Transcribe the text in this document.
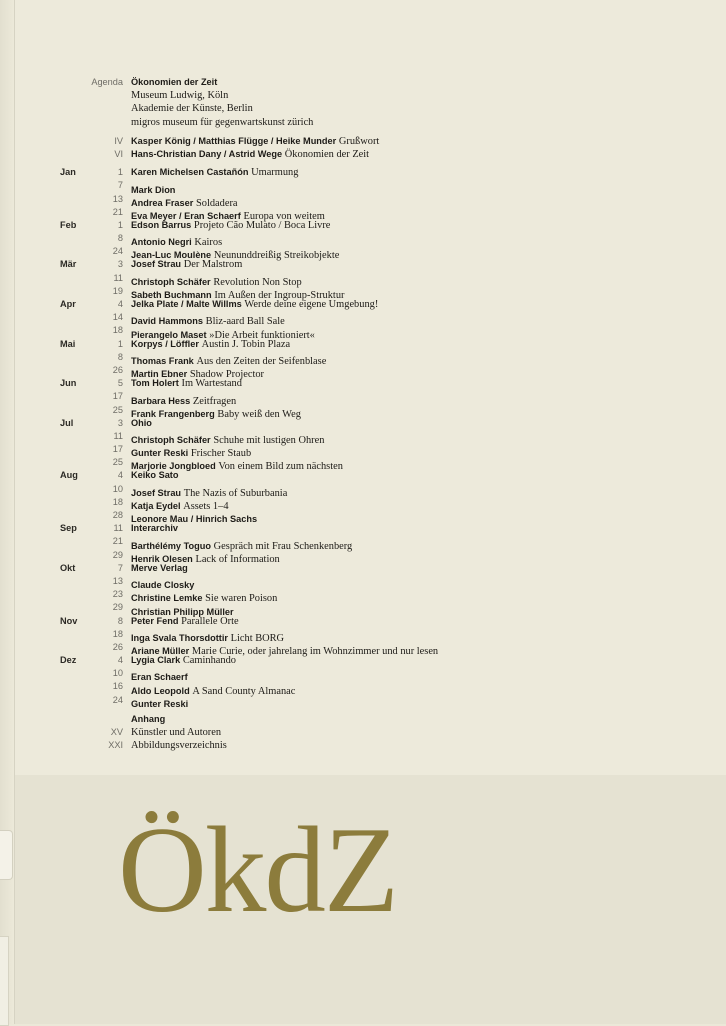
Agenda Ökonomien der Zeit
Museum Ludwig, Köln
Akademie der Künste, Berlin
migros museum für gegenwartskunst zürich
IV Kasper König / Matthias Flügge / Heike Munder Grußwort
VI Hans-Christian Dany / Astrid Wege Ökonomien der Zeit
Jan	1 Karen Michelsen Castañón Umarmung
7 Mark Dion
13 Andrea Fraser Soldadera
21 Eva Meyer / Eran Schaerf Europa von weitem
Feb	1 Edson Barrus Projeto Cão Mulato / Boca Livre
8 Antonio Negri Kairos
24 Jean-Luc Moulène Neununddreißig Streikobjekte
Mär	3 Josef Strau Der Malstrom
11 Christoph Schäfer Revolution Non Stop
19 Sabeth Buchmann Im Außen der Ingroup-Struktur
Apr	4 Jelka Plate / Malte Willms Werde deine eigene Umgebung!
14 David Hammons Bliz-aard Ball Sale
18 Pierangelo Maset »Die Arbeit funktioniert«
Mai	1 Korpys / Löffler Austin J. Tobin Plaza
8 Thomas Frank Aus den Zeiten der Seifenblase
26 Martin Ebner Shadow Projector
Jun	5 Tom Holert Im Wartestand
17 Barbara Hess Zeitfragen
25 Frank Frangenberg Baby weiß den Weg
Jul	3 Ohio
11 Christoph Schäfer Schuhe mit lustigen Ohren
17 Gunter Reski Frischer Staub
25 Marjorie Jongbloed Von einem Bild zum nächsten
Aug	4 Keiko Sato
10 Josef Strau The Nazis of Suburbania
18 Katja Eydel Assets 1–4
28 Leonore Mau / Hinrich Sachs
Sep	11 Interarchiv
21 Barthélémy Toguo Gespräch mit Frau Schenkenberg
29 Henrik Olesen Lack of Information
Okt	7 Merve Verlag
13 Claude Closky
23 Christine Lemke Sie waren Poison
29 Christian Philipp Müller
Nov	8 Peter Fend Parallele Orte
18 Inga Svala Thorsdottir Licht BORG
26 Ariane Müller Marie Curie, oder jahrelang im Wohnzimmer und nur lesen
Dez	4 Lygia Clark Caminhando
10 Eran Schaerf
16 Aldo Leopold A Sand County Almanac
24 Gunter Reski
Anhang
XV Künstler und Autoren
XXI Abbildungsverzeichnis
ÖkdZ
